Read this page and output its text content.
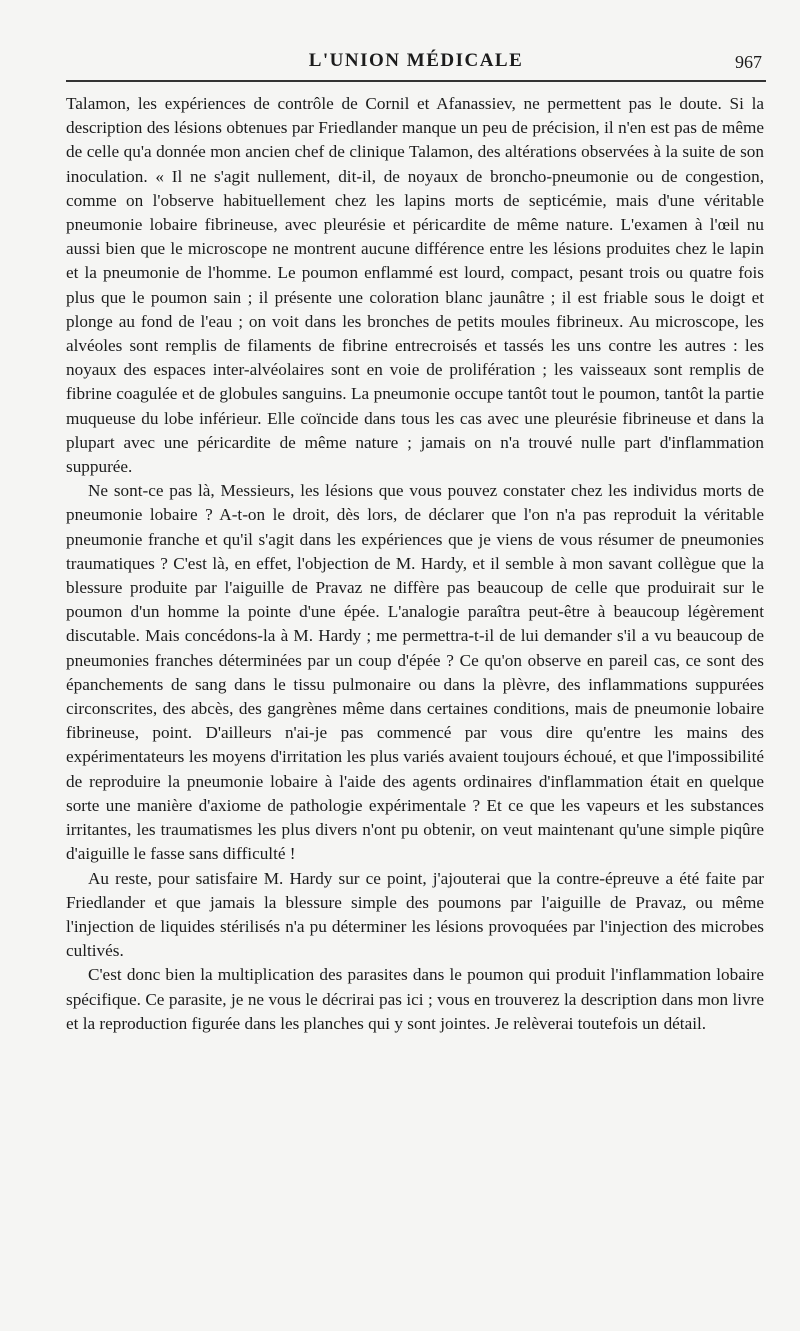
L'UNION MÉDICALE	967

Talamon, les expériences de contrôle de Cornil et Afanassiev, ne permettent pas le doute. Si la description des lésions obtenues par Friedlander manque un peu de précision, il n'en est pas de même de celle qu'a donnée mon ancien chef de clinique Talamon, des altérations observées à la suite de son inoculation. « Il ne s'agit nullement, dit-il, de noyaux de broncho-pneumonie ou de congestion, comme on l'observe habituellement chez les lapins morts de septicémie, mais d'une véritable pneumonie lobaire fibrineuse, avec pleurésie et péricardite de même nature. L'examen à l'œil nu aussi bien que le microscope ne montrent aucune différence entre les lésions produites chez le lapin et la pneumonie de l'homme. Le poumon enflammé est lourd, compact, pesant trois ou quatre fois plus que le poumon sain ; il présente une coloration blanc jaunâtre ; il est friable sous le doigt et plonge au fond de l'eau ; on voit dans les bronches de petits moules fibrineux. Au microscope, les alvéoles sont remplis de filaments de fibrine entrecroisés et tassés les uns contre les autres : les noyaux des espaces inter-alvéolaires sont en voie de prolifération ; les vaisseaux sont remplis de fibrine coagulée et de globules sanguins. La pneumonie occupe tantôt tout le poumon, tantôt la partie muqueuse du lobe inférieur. Elle coïncide dans tous les cas avec une pleurésie fibrineuse et dans la plupart avec une péricardite de même nature ; jamais on n'a trouvé nulle part d'inflammation suppurée.

Ne sont-ce pas là, Messieurs, les lésions que vous pouvez constater chez les individus morts de pneumonie lobaire ? A-t-on le droit, dès lors, de déclarer que l'on n'a pas reproduit la véritable pneumonie franche et qu'il s'agit dans les expériences que je viens de vous résumer de pneumonies traumatiques ? C'est là, en effet, l'objection de M. Hardy, et il semble à mon savant collègue que la blessure produite par l'aiguille de Pravaz ne diffère pas beaucoup de celle que produirait sur le poumon d'un homme la pointe d'une épée. L'analogie paraîtra peut-être à beaucoup légèrement discutable. Mais concédons-la à M. Hardy ; me permettra-t-il de lui demander s'il a vu beaucoup de pneumonies franches déterminées par un coup d'épée ? Ce qu'on observe en pareil cas, ce sont des épanchements de sang dans le tissu pulmonaire ou dans la plèvre, des inflammations suppurées circonscrites, des abcès, des gangrènes même dans certaines conditions, mais de pneumonie lobaire fibrineuse, point. D'ailleurs n'ai-je pas commencé par vous dire qu'entre les mains des expérimentateurs les moyens d'irritation les plus variés avaient toujours échoué, et que l'impossibilité de reproduire la pneumonie lobaire à l'aide des agents ordinaires d'inflammation était en quelque sorte une manière d'axiome de pathologie expérimentale ? Et ce que les vapeurs et les substances irritantes, les traumatismes les plus divers n'ont pu obtenir, on veut maintenant qu'une simple piqûre d'aiguille le fasse sans difficulté !

Au reste, pour satisfaire M. Hardy sur ce point, j'ajouterai que la contre-épreuve a été faite par Friedlander et que jamais la blessure simple des poumons par l'aiguille de Pravaz, ou même l'injection de liquides stérilisés n'a pu déterminer les lésions provoquées par l'injection des microbes cultivés.

C'est donc bien la multiplication des parasites dans le poumon qui produit l'inflammation lobaire spécifique. Ce parasite, je ne vous le décrirai pas ici ; vous en trouverez la description dans mon livre et la reproduction figurée dans les planches qui y sont jointes. Je relèverai toutefois un détail.
